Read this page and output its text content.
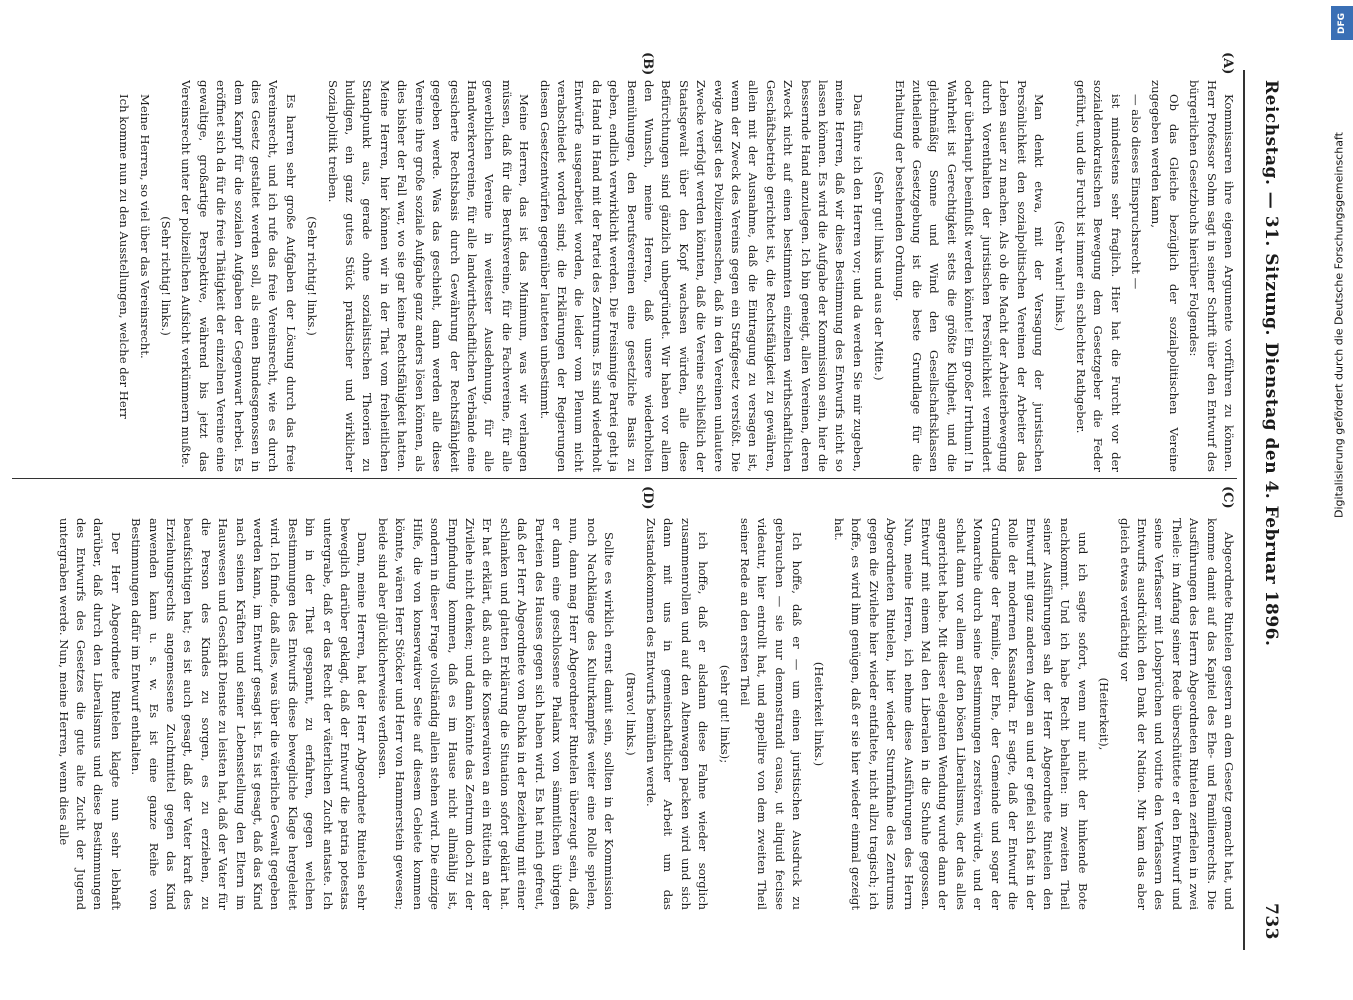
Reichstag. — 31. Sitzung. Dienstag den 4. Februar 1896.
733
(A)
(B)
(C)
(D)

Kommissaren ihre eigenen Argumente vorführen zu können. Herr Professor Sohm sagt in seiner Schrift über den Entwurf des bürgerlichen Gesetzbuchs hierüber Folgendes:

Ob das Gleiche bezüglich der sozialpolitischen Vereine zugegeben werden kann,

— also dieses Einspruchsrecht —

ist mindestens sehr fraglich. Hier hat die Furcht vor der sozialdemokratischen Bewegung dem Gesetzgeber die Feder geführt, und die Furcht ist immer ein schlechter Rathgeber.

(Sehr wahr! links.)

Man denkt etwa, mit der Versagung der juristischen Persönlichkeit den sozialpolitischen Vereinen der Arbeiter das Leben sauer zu machen. Als ob die Macht der Arbeiterbewegung durch Vorenthalten der juristischen Persönlichkeit vermindert oder überhaupt beeinflußt werden könnte! Ein großer Irrthum! In Wahrheit ist Gerechtigkeit stets die größte Klugheit, und die gleichmäßig Sonne und Wind den Gesellschaftsklassen zutheilende Gesetzgebung ist die beste Grundlage für die Erhaltung der bestehenden Ordnung.

(Sehr gut! links und aus der Mitte.)

Das führe ich den Herren vor; und da werden Sie mir zugeben, meine Herren, daß wir diese Bestimmung des Entwurfs nicht so lassen können. Es wird die Aufgabe der Kommission sein, hier die bessernde Hand anzulegen. Ich bin geneigt, allen Vereinen, deren Zweck nicht auf einen bestimmten einzelnen wirthschaftlichen Geschäftsbetrieb gerichtet ist, die Rechtsfähigkeit zu gewähren, allein mit der Ausnahme, daß die Eintragung zu versagen ist, wenn der Zweck des Vereins gegen ein Strafgesetz verstößt. Die ewige Angst des Polizeimenschen, daß in den Vereinen unlautere Zwecke verfolgt werden könnten, daß die Vereine schließlich der Staatsgewalt über den Kopf wachsen würden, alle diese Befürchtungen sind gänzlich unbegründet. Wir haben vor allem den Wunsch, meine Herren, daß unsere wiederholten Bemühungen, den Berufsvereinen eine gesetzliche Basis zu geben, endlich verwirklicht werden. Die Freisinnige Partei geht ja da Hand in Hand mit der Partei des Zentrums. Es sind wiederholt Entwürfe ausgearbeitet worden, die leider vom Plenum nicht verabschiedet worden sind; die Erklärungen der Regierungen diesen Gesetzentwürfen gegenüber lauteten unbestimmt.

Meine Herren, das ist das Minimum, was wir verlangen müssen, daß für die Berufsvereine, für die Fachvereine, für alle gewerblichen Vereine in weitester Ausdehnung, für alle Handwerkervereine, für alle landwirthschaftlichen Verbände eine gesicherte Rechtsbasis durch Gewährung der Rechtsfähigkeit gegeben werde. Was das geschieht, dann werden alle diese Vereine ihre große soziale Aufgabe ganz anders lösen können, als dies bisher der Fall war, wo sie gar keine Rechtsfähigkeit hatten. Meine Herren, hier können wir in der That vom freiheitlichen Standpunkt aus, gerade ohne sozialistischen Theorien zu huldigen, ein ganz gutes Stück praktischer und wirklicher Sozialpolitik treiben.

(Sehr richtig! links.)

Es harren sehr große Aufgaben der Lösung durch das freie Vereinsrecht, und ich rufe das freie Vereinsrecht, wie es durch dies Gesetz gestaltet werden soll, als einen Bundesgenossen in dem Kampf für die sozialen Aufgaben der Gegenwart herbei. Es eröffnet sich da für die freie Thätigkeit der einzelnen Vereine eine gewaltige, großartige Perspektive, während bis jetzt das Vereinsrecht unter der polizeilichen Aufsicht verkümmern mußte.

(Sehr richtig! links.)

Meine Herren, so viel über das Vereinsrecht.

Ich komme nun zu den Ausstellungen, welche der Herr

Abgeordnete Rintelen gestern an dem Gesetz gemacht hat, und komme damit auf das Kapitel des Ehe- und Familienrechts. Die Ausführungen des Herrn Abgeordneten Rintelen zerfielen in zwei Theile: im Anfang seiner Rede überschüttete er den Entwurf und seine Verfasser mit Lobsprüchen und votirte den Verfassern des Entwurfs ausdrücklich den Dank der Nation. Mir kam das aber gleich etwas verdächtig vor

(Heiterkeit),

und ich sagte sofort, wenn nur nicht der hinkende Bote nachkommt. Und ich habe Recht behalten: im zweiten Theil seiner Ausführungen sah der Herr Abgeordnete Rintelen den Entwurf mit ganz anderen Augen an und er gefiel sich fast in der Rolle der modernen Kassandra. Er sagte, daß der Entwurf die Grundlage der Familie, der Ehe, der Gemeinde und sogar der Monarchie durch seine Bestimmungen zerstören würde, und er schalt dann vor allem auf den bösen Liberalismus, der das alles angerichtet habe. Mit dieser eleganten Wendung wurde dann der Entwurf mit einem Mal den Liberalen in die Schuhe gegossen. Nun, meine Herren, ich nehme diese Ausführungen des Herrn Abgeordneten Rintelen, hier wieder Sturmfahne des Zentrums gegen die Zivilehe hier wieder entfaltete, nicht allzu tragisch; ich hoffe, es wird ihm genügen, daß er sie hier wieder einmal gezeigt hat.

(Heiterkeit links.)

Ich hoffe, daß er — um einen juristischen Ausdruck zu gebrauchen — sie nur demonstrandi causa, ut aliquid fecisse videatur, hier entrollt hat, und appellire von dem zweiten Theil seiner Rede an den ersten Theil

(sehr gut! links);

ich hoffe, daß er alsdann diese Fahne wieder sorglich zusammenrollen und auf den Altenwagen packen wird und sich dann mit uns in gemeinschaftlicher Arbeit um das Zustandekommen des Entwurfs bemühen werde.

(Bravo! links.)

Sollte es wirklich ernst damit sein, sollten in der Kommission noch Nachklänge des Kulturkampfes weiter eine Rolle spielen, nun, dann mag Herr Abgeordneter Rintelen überzeugt sein, daß er dann eine geschlossene Phalanx von sämmtlichen übrigen Parteien des Hauses gegen sich haben wird. Es hat mich gefreut, daß der Herr Abgeordnete von Buchka in der Beziehung mit einer schlanken und glatten Erklärung die Situation sofort geklärt hat. Er hat erklärt, daß auch die Konservativen an ein Rütteln an der Zivilehe nicht denken; und dann könnte das Zentrum doch zu der Empfindung kommen, daß es im Hause nicht allmählig ist, sondern in dieser Frage vollständig allein stehen wird. Die einzige Hilfe, die von konservativer Seite auf diesem Gebiete kommen könnte, wären Herr Stöcker und Herr von Hammerstein gewesen; beide sind aber glücklicherweise verflossen.

Dann, meine Herren, hat der Herr Abgeordnete Rintelen sehr beweglich darüber geklagt, daß der Entwurf die patria potestas untergrabe, daß er das Recht der väterlichen Zucht antaste. Ich bin in der That gespannt, zu erfahren, gegen welchen Bestimmungen des Entwurfs diese bewegliche Klage hergeleitet wird. Ich finde, daß alles, was über die väterliche Gewalt gegeben werden kann, im Entwurf gesagt ist. Es ist gesagt, daß das Kind nach seinen Kräften und seiner Lebensstellung den Eltern im Hauswesen und Geschäft Dienste zu leisten hat, daß der Vater für die Person des Kindes zu sorgen, es zu erziehen, zu beaufsichtigen hat; es ist auch gesagt, daß der Vater kraft des Erziehungsrechts angemessene Zuchtmittel gegen das Kind anwenden kann u. s. w. Es ist eine ganze Reihe von Bestimmungen dafür im Entwurf enthalten.

Der Herr Abgeordnete Rintelen klagte nun sehr lebhaft darüber, daß durch den Liberalismus und diese Bestimmungen des Entwurfs des Gesetzes die gute alte Zucht der Jugend untergraben werde. Nun, meine Herren, wenn dies alle

Digitalisierung gefördert durch die Deutsche Forschungsgemeinschaft
DFG
